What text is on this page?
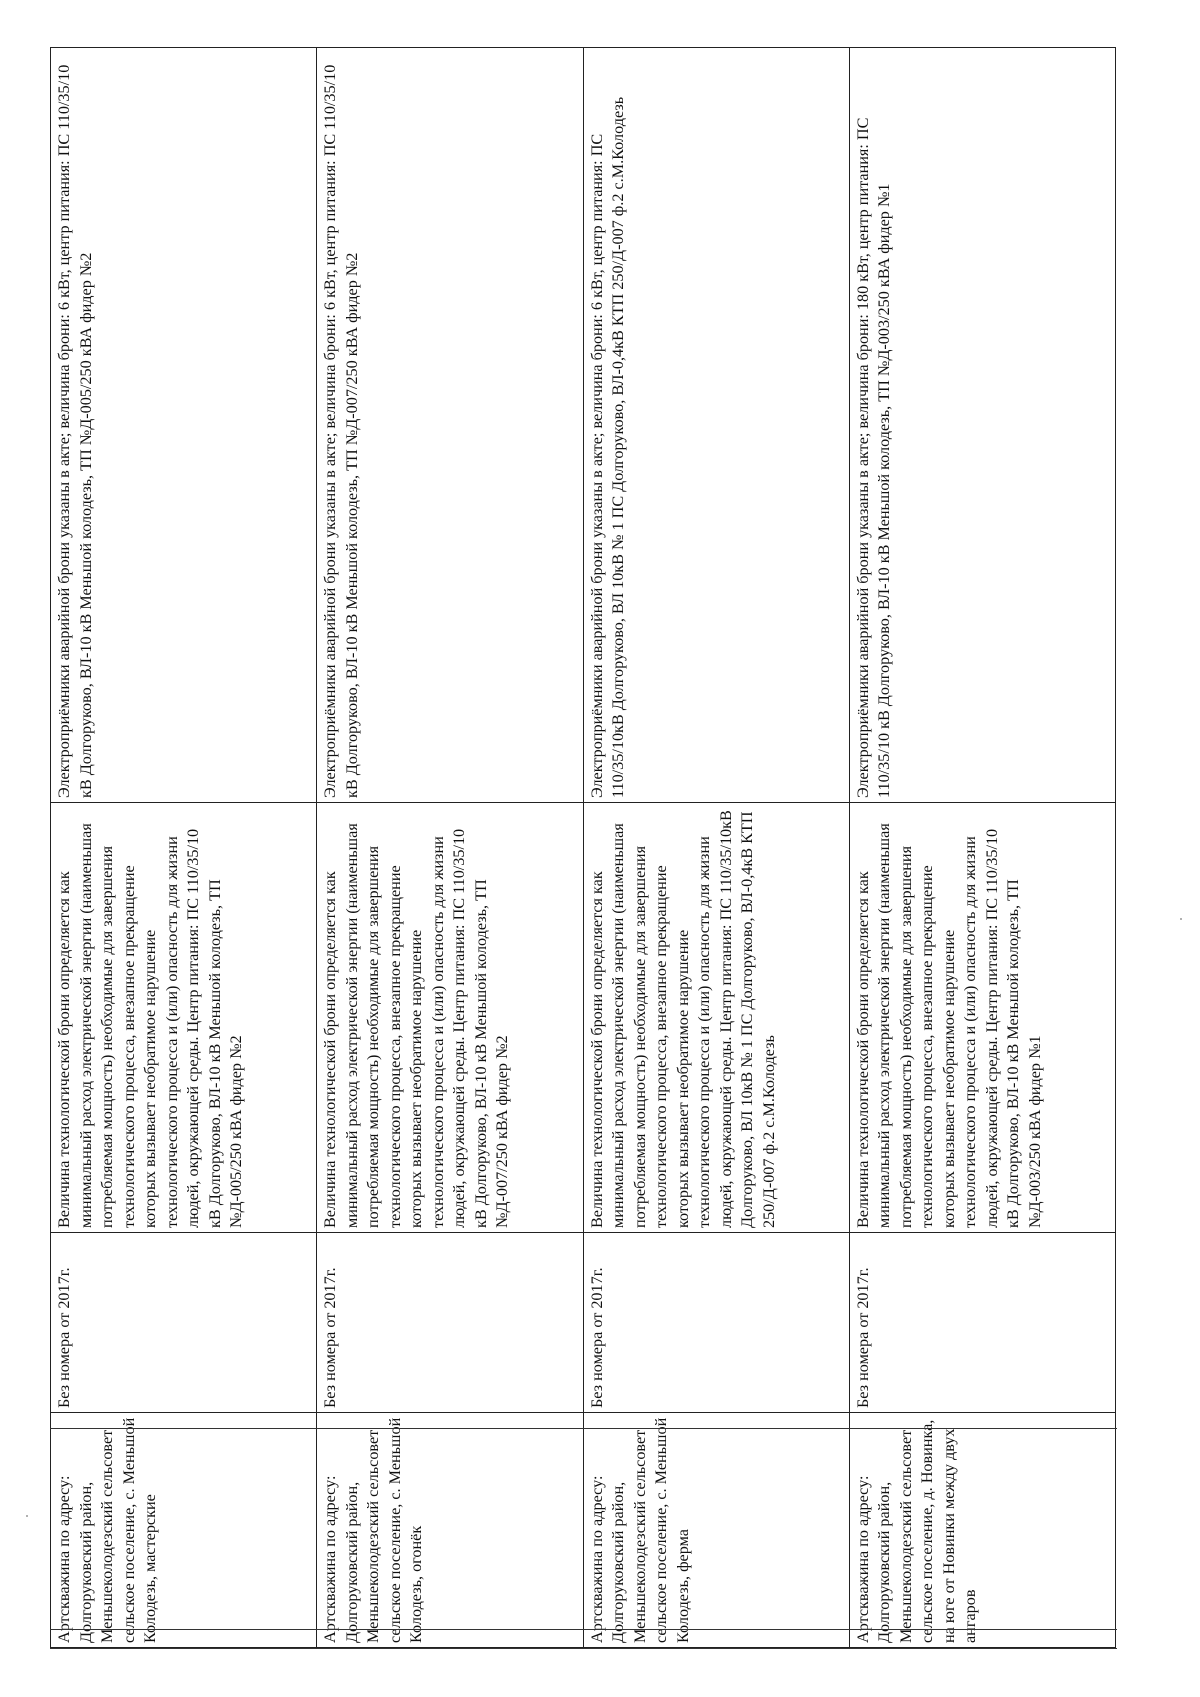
Артскважина по адресу: Долгоруковский район, Меньшеколодезский сельсовет сельское поселение, с. Меньшой Колодезь, мастерские	Без номера от 2017г.	Величина технологической брони определяется как минимальный расход электрической энергии (наименьшая потребляемая мощность) необходимые для завершения технологического процесса, внезапное прекращение которых вызывает необратимое нарушение технологического процесса и (или) опасность для жизни людей, окружающей среды. Центр питания: ПС 110/35/10 кВ Долгоруково, ВЛ-10 кВ Меньшой колодезь, ТП №Д-005/250 кВА фидер №2	Электроприёмники аварийной брони указаны в акте; величина брони: 6 кВт, центр питания: ПС 110/35/10 кВ Долгоруково, ВЛ-10 кВ Меньшой колодезь, ТП №Д-005/250 кВА фидер №2
Артскважина по адресу: Долгоруковский район, Меньшеколодезский сельсовет сельское поселение, с. Меньшой Колодезь, огонёк	Без номера от 2017г.	Величина технологической брони определяется как минимальный расход электрической энергии (наименьшая потребляемая мощность) необходимые для завершения технологического процесса, внезапное прекращение которых вызывает необратимое нарушение технологического процесса и (или) опасность для жизни людей, окружающей среды. Центр питания: ПС 110/35/10 кВ Долгоруково, ВЛ-10 кВ Меньшой колодезь, ТП №Д-007/250 кВА фидер №2	Электроприёмники аварийной брони указаны в акте; величина брони: 6 кВт, центр питания: ПС 110/35/10 кВ Долгоруково, ВЛ-10 кВ Меньшой колодезь, ТП №Д-007/250 кВА фидер №2
Артскважина по адресу: Долгоруковский район, Меньшеколодезский сельсовет сельское поселение, с. Меньшой Колодезь, ферма	Без номера от 2017г.	Величина технологической брони определяется как минимальный расход электрической энергии (наименьшая потребляемая мощность) необходимые для завершения технологического процесса, внезапное прекращение которых вызывает необратимое нарушение технологического процесса и (или) опасность для жизни людей, окружающей среды. Центр питания: ПС 110/35/10кВ Долгоруково, ВЛ 10кВ № 1 ПС Долгоруково, ВЛ-0,4кВ КТП 250/Д-007 ф.2 с.М.Колодезь	Электроприёмники аварийной брони указаны в акте; величина брони: 6 кВт, центр питания: ПС 110/35/10кВ Долгоруково, ВЛ 10кВ № 1 ПС Долгоруково, ВЛ-0,4кВ КТП 250/Д-007 ф.2 с.М.Колодезь
Артскважина по адресу: Долгоруковский район, Меньшеколодезский сельсовет сельское поселение, д. Новинка, на юге от Новинки между двух ангаров	Без номера от 2017г.	Величина технологической брони определяется как минимальный расход электрической энергии (наименьшая потребляемая мощность) необходимые для завершения технологического процесса, внезапное прекращение которых вызывает необратимое нарушение технологического процесса и (или) опасность для жизни людей, окружающей среды. Центр питания: ПС 110/35/10 кВ Долгоруково, ВЛ-10 кВ Меньшой колодезь, ТП №Д-003/250 кВА фидер №1	Электроприёмники аварийной брони указаны в акте; величина брони: 180 кВт, центр питания: ПС 110/35/10 кВ Долгоруково, ВЛ-10 кВ Меньшой колодезь, ТП №Д-003/250 кВА фидер №1
